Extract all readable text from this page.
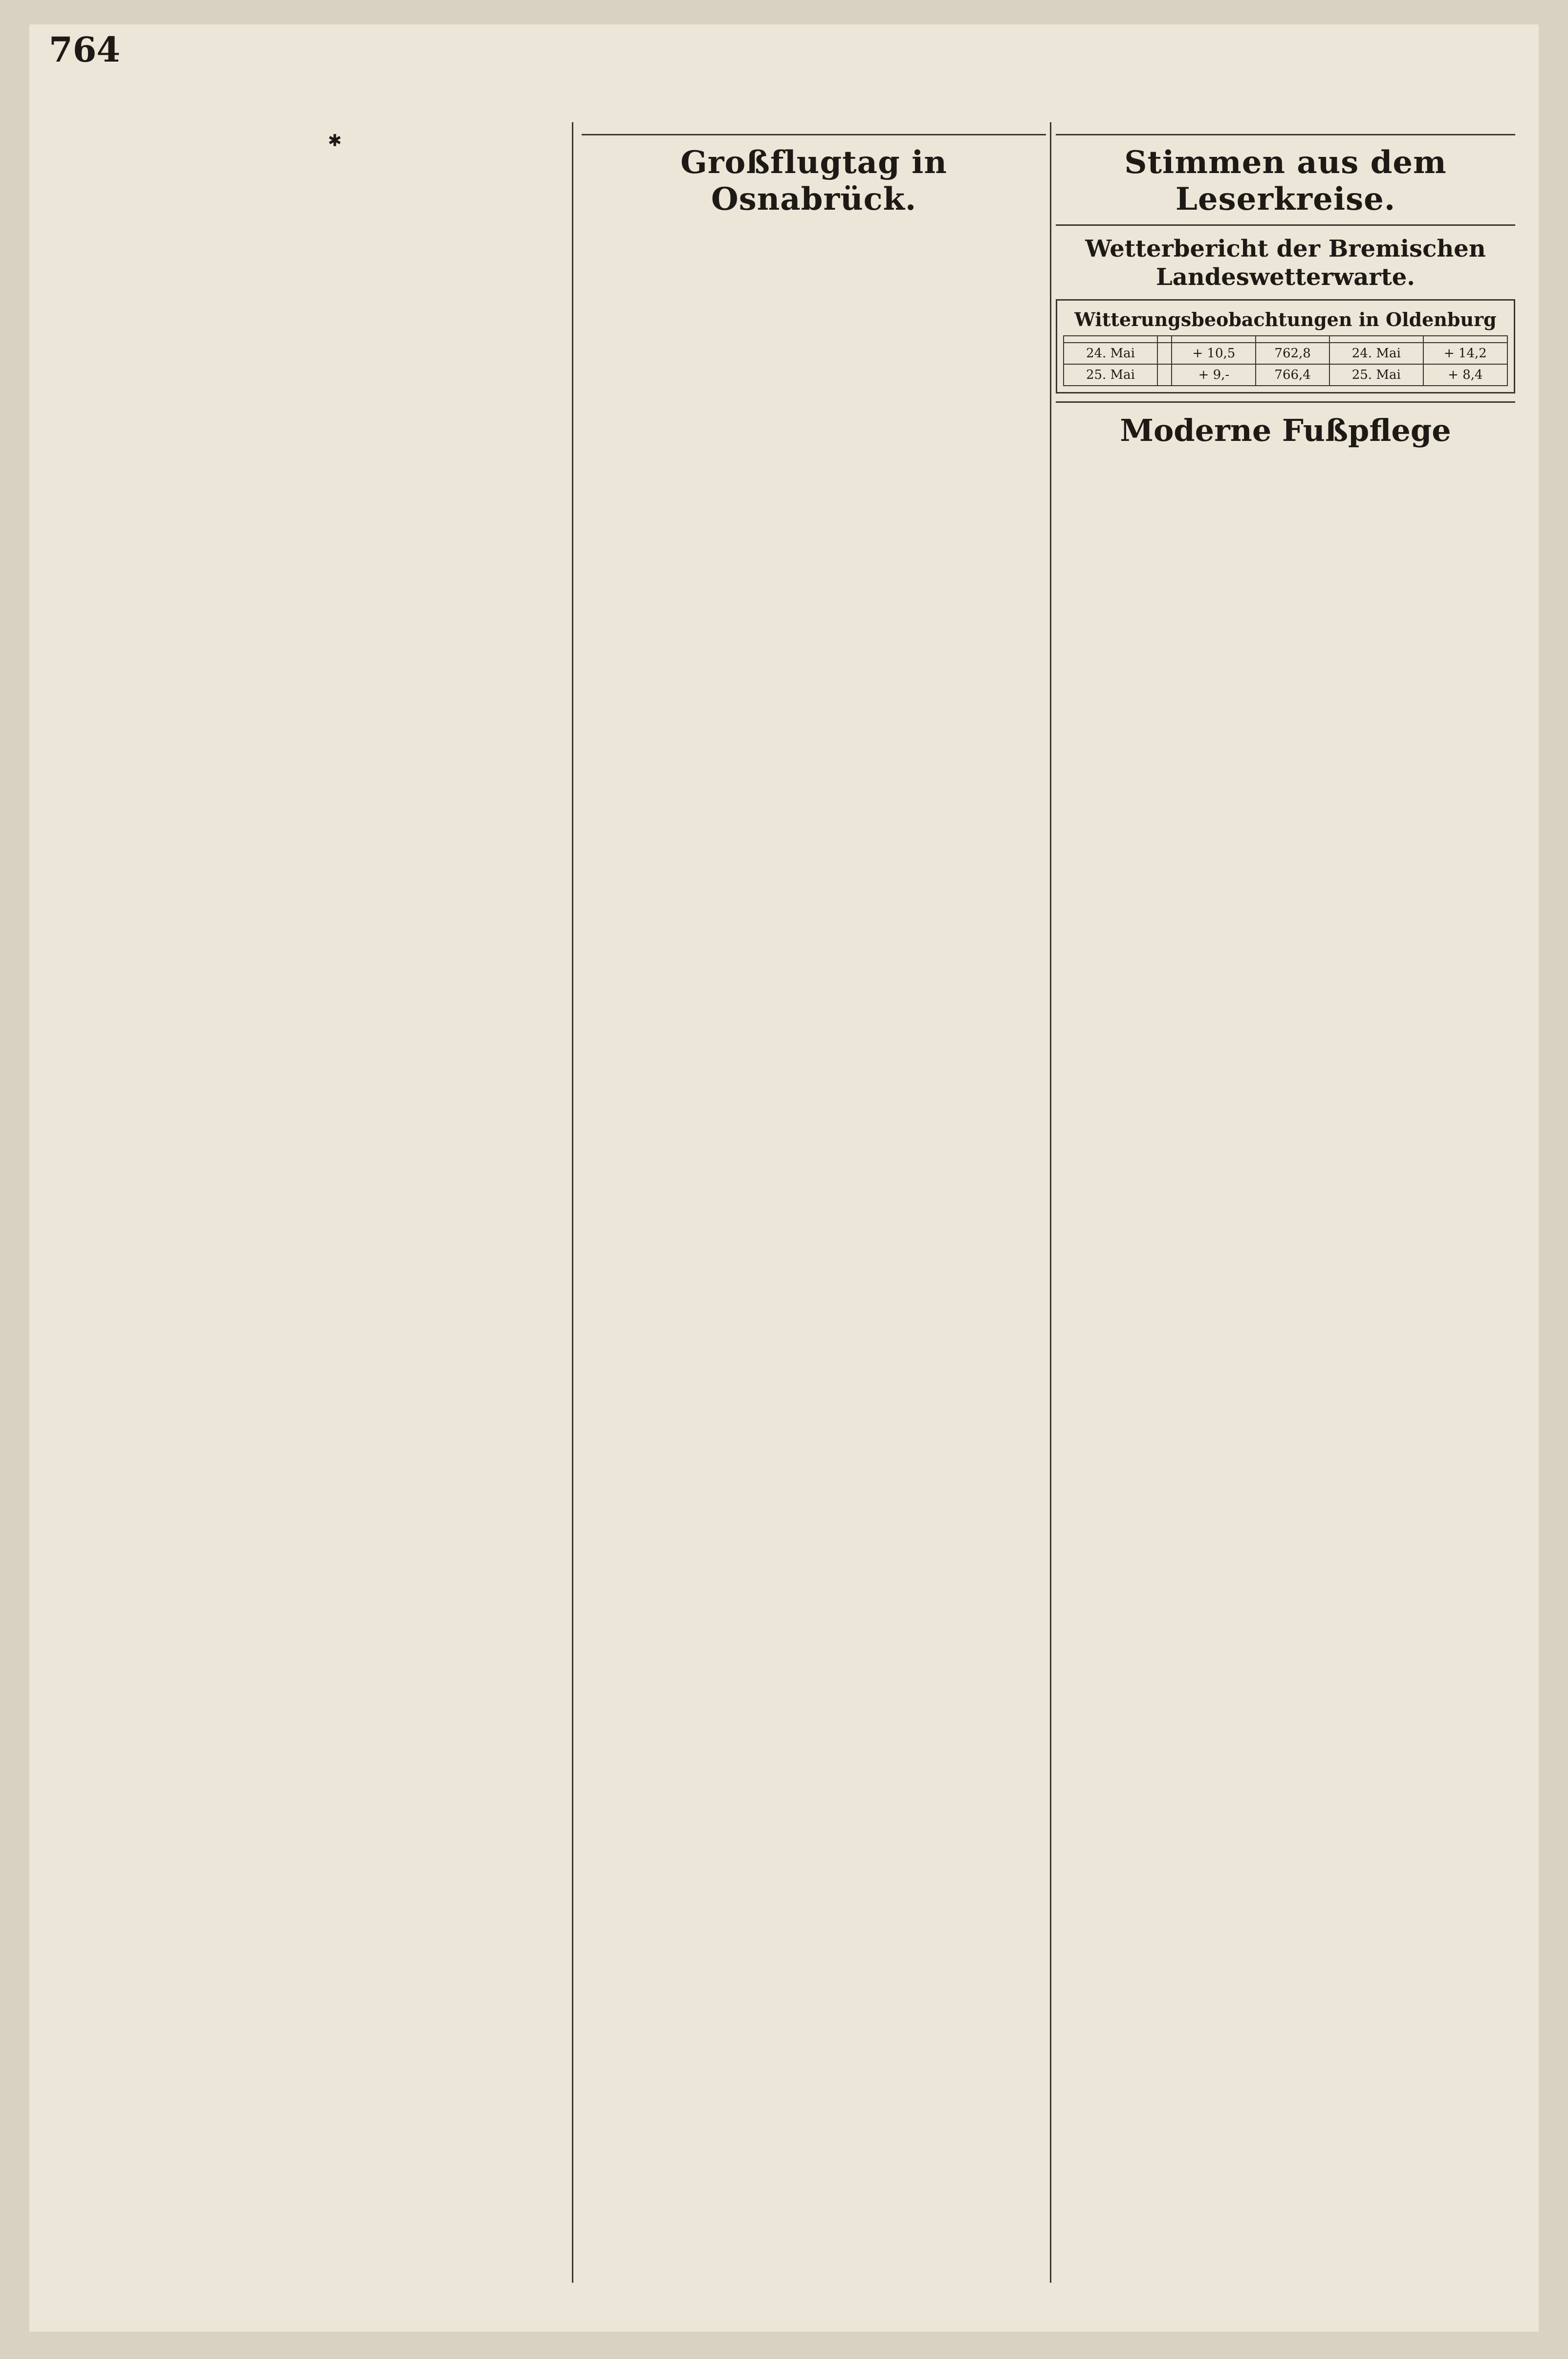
764

✱

Großflugtag in Osnabrück.

Stimmen aus dem Leserkreise.

Wetterbericht der Bremischen Landeswetterwarte.

Witterungsbeobachtungen in Oldenburg

24. Mai		+ 10,5	762,8	24. Mai	+ 14,2
25. Mai		+ 9,-	766,4	25. Mai	+ 8,4
Moderne Fußpflege
